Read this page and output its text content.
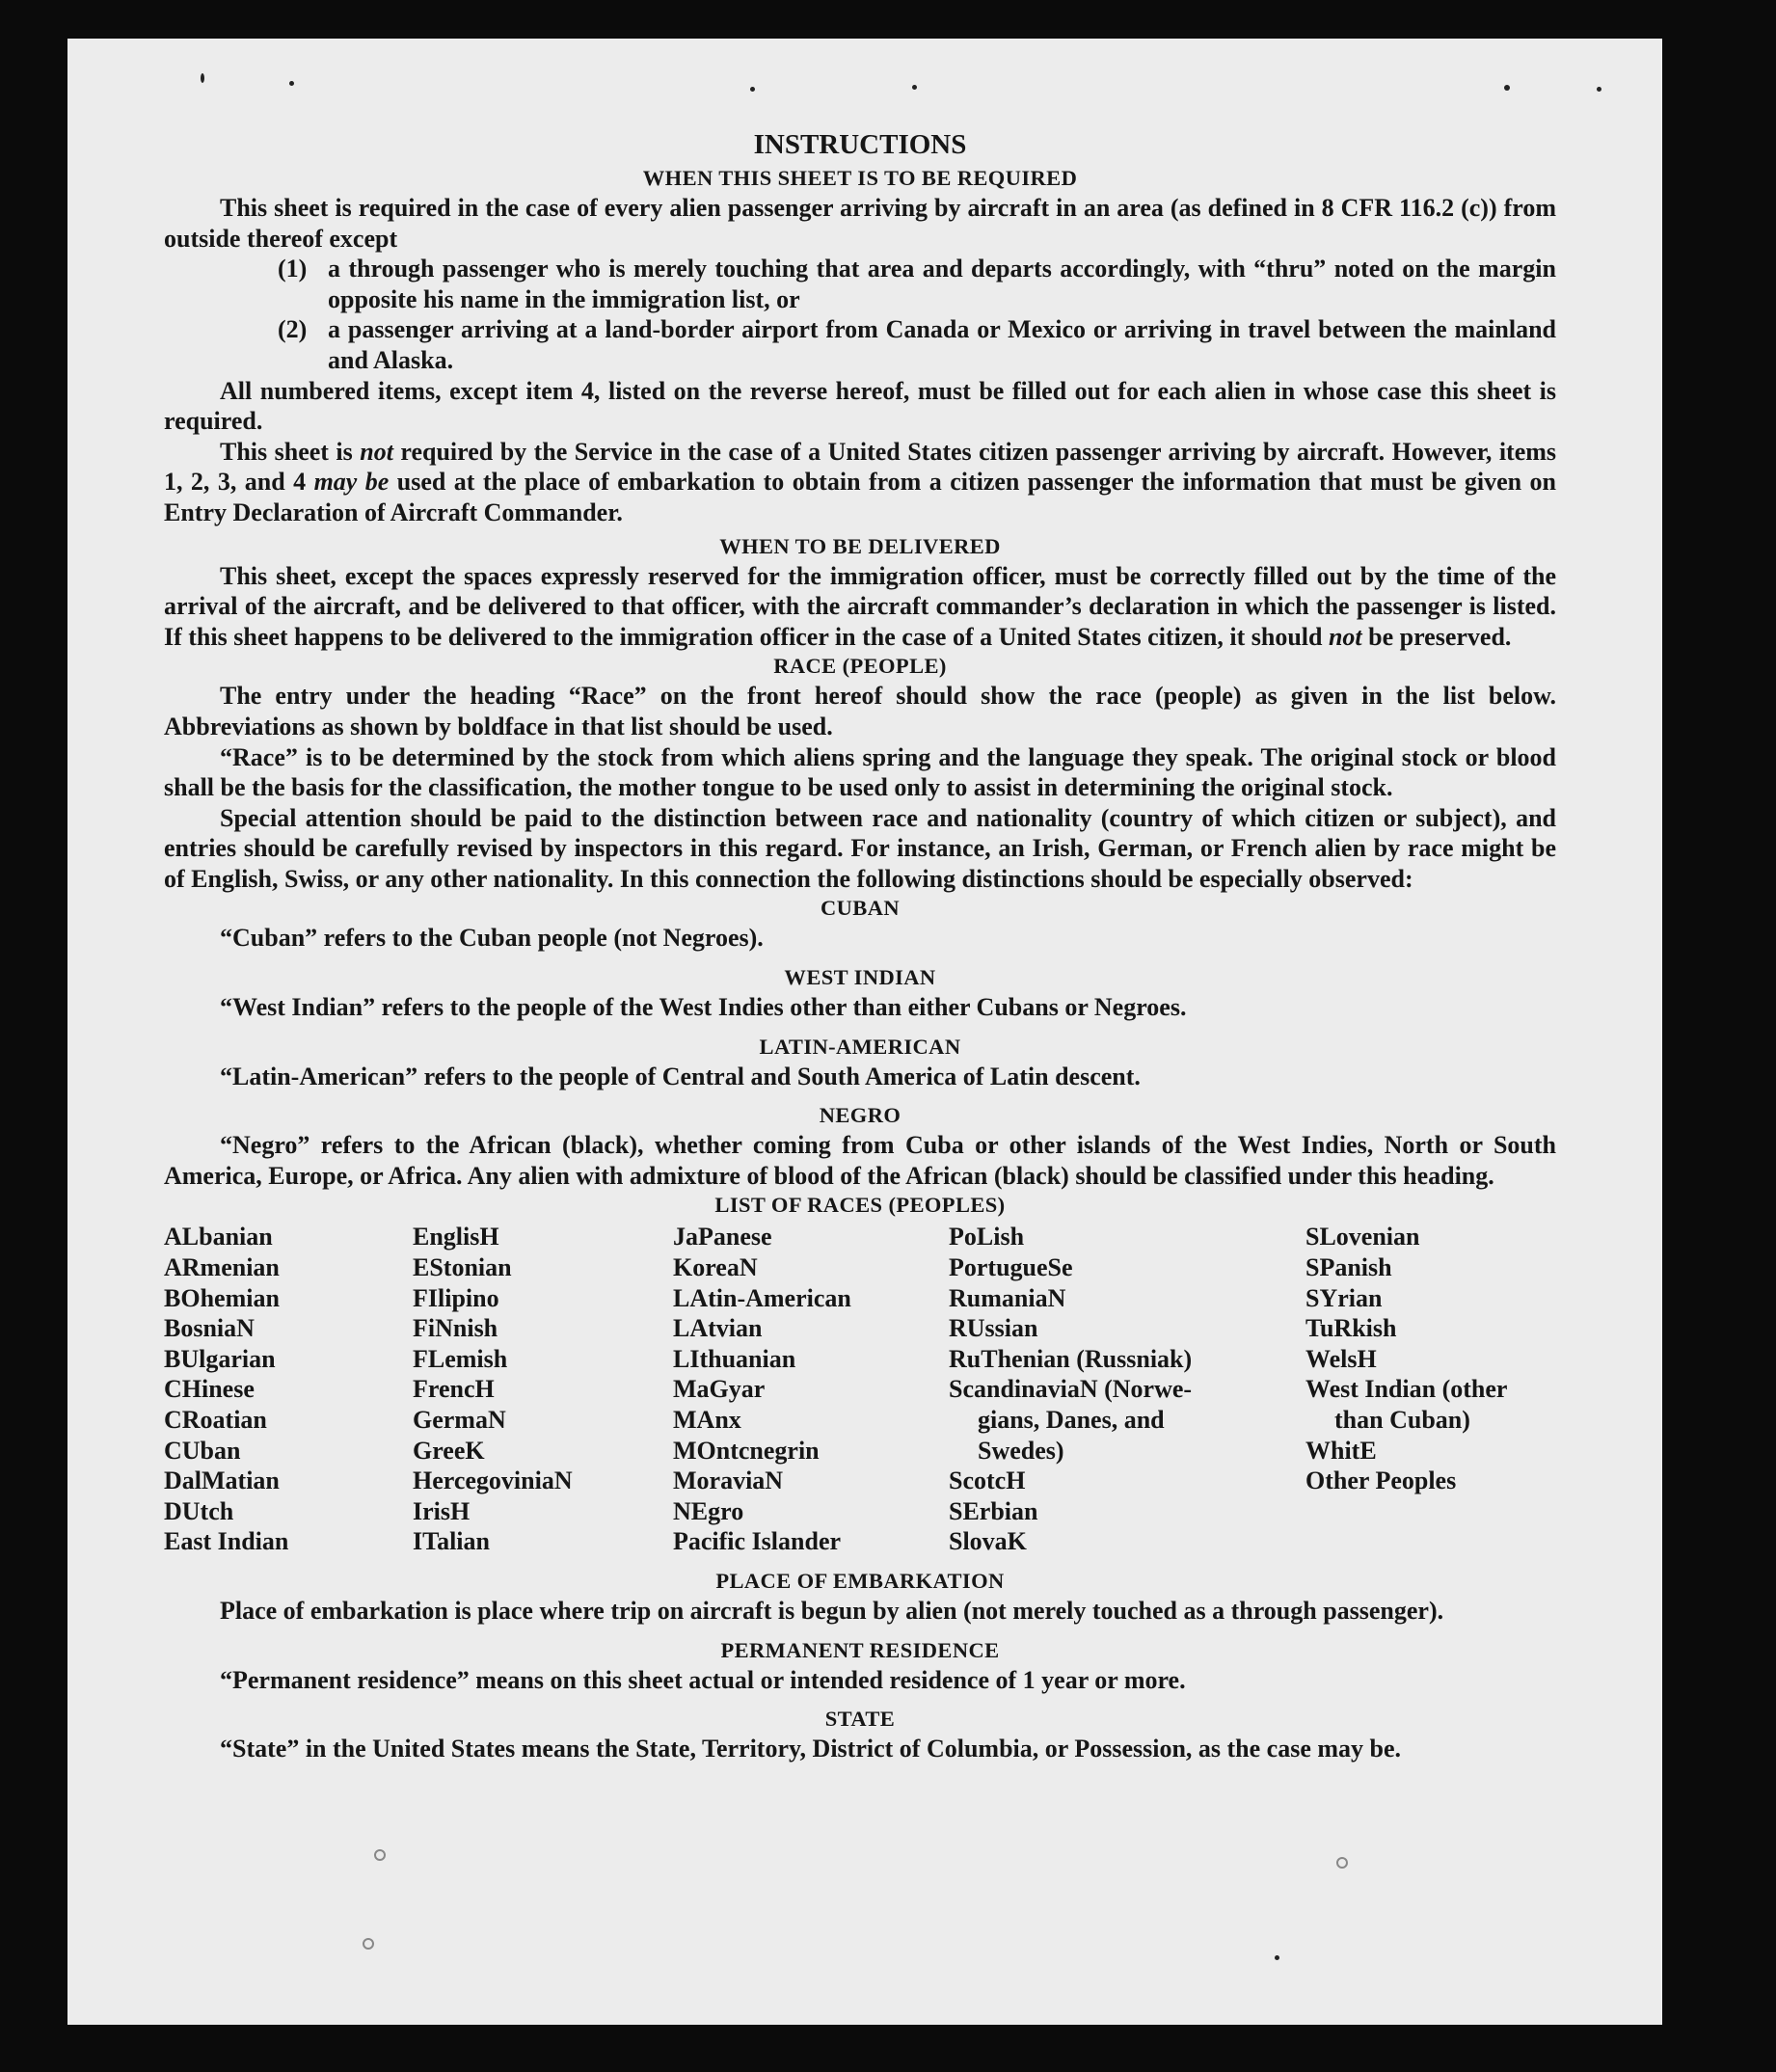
INSTRUCTIONS
WHEN THIS SHEET IS TO BE REQUIRED

This sheet is required in the case of every alien passenger arriving by aircraft in an area (as defined in 8 CFR 116.2 (c)) from outside thereof except

(1) a through passenger who is merely touching that area and departs accordingly, with “thru” noted on the margin opposite his name in the immigration list, or
(2) a passenger arriving at a land-border airport from Canada or Mexico or arriving in travel between the mainland and Alaska.

All numbered items, except item 4, listed on the reverse hereof, must be filled out for each alien in whose case this sheet is required.

This sheet is not required by the Service in the case of a United States citizen passenger arriving by aircraft. However, items 1, 2, 3, and 4 may be used at the place of embarkation to obtain from a citizen passenger the information that must be given on Entry Declaration of Aircraft Commander.

WHEN TO BE DELIVERED

This sheet, except the spaces expressly reserved for the immigration officer, must be correctly filled out by the time of the arrival of the aircraft, and be delivered to that officer, with the aircraft commander’s declaration in which the passenger is listed. If this sheet happens to be delivered to the immigration officer in the case of a United States citizen, it should not be preserved.

RACE (PEOPLE)

The entry under the heading “Race” on the front hereof should show the race (people) as given in the list below. Abbreviations as shown by boldface in that list should be used.

“Race” is to be determined by the stock from which aliens spring and the language they speak. The original stock or blood shall be the basis for the classification, the mother tongue to be used only to assist in determining the original stock.

Special attention should be paid to the distinction between race and nationality (country of which citizen or subject), and entries should be carefully revised by inspectors in this regard. For instance, an Irish, German, or French alien by race might be of English, Swiss, or any other nationality. In this connection the following distinctions should be especially observed:

CUBAN

“Cuban” refers to the Cuban people (not Negroes).

WEST INDIAN

“West Indian” refers to the people of the West Indies other than either Cubans or Negroes.

LATIN-AMERICAN

“Latin-American” refers to the people of Central and South America of Latin descent.

NEGRO

“Negro” refers to the African (black), whether coming from Cuba or other islands of the West Indies, North or South America, Europe, or Africa. Any alien with admixture of blood of the African (black) should be classified under this heading.

LIST OF RACES (PEOPLES)
ALbanian
ARmenian
BOhemian
BosniaN
BUlgarian
CHinese
CRoatian
CUban
DalMatian
DUtch
East Indian
EnglisH
EStonian
FIlipino
FiNnish
FLemish
FrencH
GermaN
GreeK
HercegoviniaN
IrisH
ITalian
JaPanese
KoreaN
LAtin-American
LAtvian
LIthuanian
MaGyar
MAnx
MOntcnegrin
MoraviaN
NEgro
Pacific Islander
PoLish
PortugueSe
RumaniaN
RUssian
RuThenian (Russniak)
ScandinaviaN (Norwe-
gians, Danes, and
Swedes)
ScotcH
SErbian
SlovaK
SLovenian
SPanish
SYrian
TuRkish
WelsH
West Indian (other
than Cuban)
WhitE
Other Peoples
PLACE OF EMBARKATION

Place of embarkation is place where trip on aircraft is begun by alien (not merely touched as a through passenger).

PERMANENT RESIDENCE

“Permanent residence” means on this sheet actual or intended residence of 1 year or more.

STATE

“State” in the United States means the State, Territory, District of Columbia, or Possession, as the case may be.
